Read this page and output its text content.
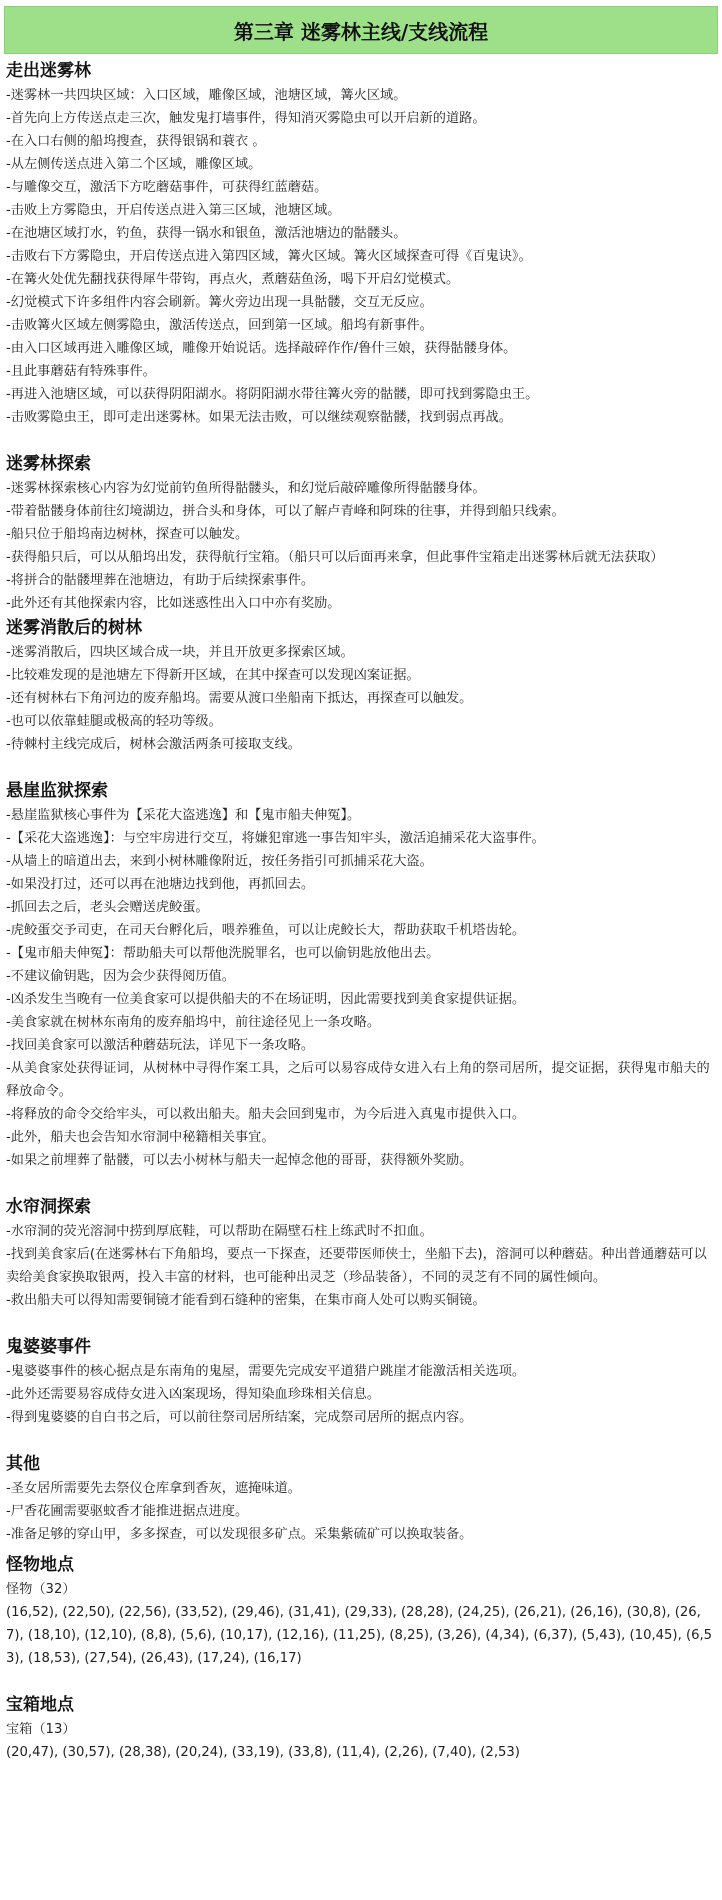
第三章 迷雾林主线/支线流程
走出迷雾林

-迷雾林一共四块区域：入口区域，雕像区域，池塘区域，篝火区域。

-首先向上方传送点走三次，触发鬼打墙事件，得知消灭雾隐虫可以开启新的道路。

-在入口右侧的船坞搜查，获得银锅和蓑衣 。

-从左侧传送点进入第二个区域，雕像区域。

-与雕像交互，激活下方吃蘑菇事件，可获得红蓝蘑菇。

-击败上方雾隐虫，开启传送点进入第三区域，池塘区域。

-在池塘区域打水，钓鱼，获得一锅水和银鱼，激活池塘边的骷髅头。

-击败右下方雾隐虫，开启传送点进入第四区域，篝火区域。篝火区域探查可得《百鬼诀》。

-在篝火处优先翻找获得犀牛带钩，再点火，煮蘑菇鱼汤，喝下开启幻觉模式。

-幻觉模式下许多组件内容会刷新。篝火旁边出现一具骷髅，交互无反应。

-击败篝火区域左侧雾隐虫，激活传送点，回到第一区域。船坞有新事件。

-由入口区域再进入雕像区域，雕像开始说话。选择敲碎作作/鲁什三娘，获得骷髅身体。

-且此事蘑菇有特殊事件。

-再进入池塘区域，可以获得阴阳湖水。将阴阳湖水带往篝火旁的骷髅，即可找到雾隐虫王。

-击败雾隐虫王，即可走出迷雾林。如果无法击败，可以继续观察骷髅，找到弱点再战。

迷雾林探索

-迷雾林探索核心内容为幻觉前钓鱼所得骷髅头，和幻觉后敲碎雕像所得骷髅身体。

-带着骷髅身体前往幻境湖边，拼合头和身体，可以了解卢青峰和阿珠的往事，并得到船只线索。

-船只位于船坞南边树林，探查可以触发。

-获得船只后，可以从船坞出发，获得航行宝箱。（船只可以后面再来拿，但此事件宝箱走出迷雾林后就无法获取）

-将拼合的骷髅埋葬在池塘边，有助于后续探索事件。

-此外还有其他探索内容，比如迷惑性出入口中亦有奖励。

迷雾消散后的树林

-迷雾消散后，四块区域合成一块，并且开放更多探索区域。

-比较难发现的是池塘左下得新开区域，在其中探查可以发现凶案证据。

-还有树林右下角河边的废弃船坞。需要从渡口坐船南下抵达，再探查可以触发。

-也可以依靠蛙腿或极高的轻功等级。

-待棘村主线完成后，树林会激活两条可接取支线。

悬崖监狱探索

-悬崖监狱核心事件为【采花大盗逃逸】和【鬼市船夫伸冤】。

-【采花大盗逃逸】：与空牢房进行交互，将嫌犯窜逃一事告知牢头，激活追捕采花大盗事件。

-从墙上的暗道出去，来到小树林雕像附近，按任务指引可抓捕采花大盗。

-如果没打过，还可以再在池塘边找到他，再抓回去。

-抓回去之后，老头会赠送虎鲛蛋。

-虎鲛蛋交予司吏，在司天台孵化后，喂养雅鱼，可以让虎鲛长大，帮助获取千机塔齿轮。

-【鬼市船夫伸冤】：帮助船夫可以帮他洗脱罪名，也可以偷钥匙放他出去。

-不建议偷钥匙，因为会少获得阅历值。

-凶杀发生当晚有一位美食家可以提供船夫的不在场证明，因此需要找到美食家提供证据。

-美食家就在树林东南角的废弃船坞中，前往途径见上一条攻略。

-找回美食家可以激活种蘑菇玩法，详见下一条攻略。

-从美食家处获得证词，从树林中寻得作案工具，之后可以易容成侍女进入右上角的祭司居所，提交证据，获得鬼市船夫的释放命令。

-将释放的命令交给牢头，可以救出船夫。船夫会回到鬼市，为今后进入真鬼市提供入口。

-此外，船夫也会告知水帘洞中秘籍相关事宜。

-如果之前埋葬了骷髅，可以去小树林与船夫一起悼念他的哥哥，获得额外奖励。

水帘洞探索

-水帘洞的荧光溶洞中捞到厚底鞋，可以帮助在隔壁石柱上练武时不扣血。

-找到美食家后(在迷雾林右下角船坞，要点一下探查，还要带医师侠士，坐船下去)，溶洞可以种蘑菇。种出普通蘑菇可以卖给美食家换取银两，投入丰富的材料，也可能种出灵芝（珍品装备），不同的灵芝有不同的属性倾向。

-救出船夫可以得知需要铜镜才能看到石缝种的密集，在集市商人处可以购买铜镜。

鬼婆婆事件

-鬼婆婆事件的核心据点是东南角的鬼屋，需要先完成安平道猎户跳崖才能激活相关选项。

-此外还需要易容成侍女进入凶案现场，得知染血珍珠相关信息。

-得到鬼婆婆的自白书之后，可以前往祭司居所结案，完成祭司居所的据点内容。

其他

-圣女居所需要先去祭仪仓库拿到香灰，遮掩味道。

-尸香花圃需要驱蚊香才能推进据点进度。

-准备足够的穿山甲，多多探查，可以发现很多矿点。采集紫硫矿可以换取装备。

怪物地点

怪物（32）

(16,52), (22,50), (22,56), (33,52), (29,46), (31,41), (29,33), (28,28), (24,25), (26,21), (26,16), (30,8), (26,7), (18,10), (12,10), (8,8), (5,6), (10,17), (12,16), (11,25), (8,25), (3,26), (4,34), (6,37), (5,43), (10,45), (6,53), (18,53), (27,54), (26,43), (17,24), (16,17)

宝箱地点

宝箱（13）

(20,47), (30,57), (28,38), (20,24), (33,19), (33,8), (11,4), (2,26), (7,40), (2,53)
